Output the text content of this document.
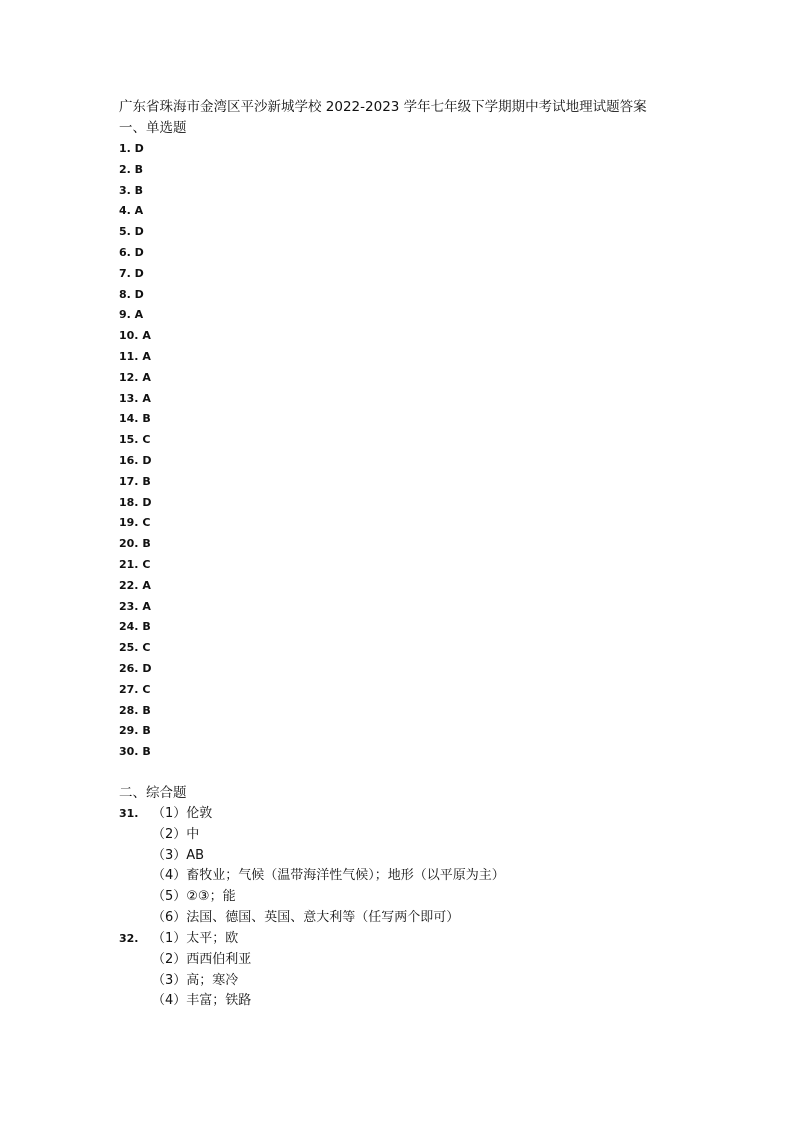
广东省珠海市金湾区平沙新城学校 2022-2023 学年七年级下学期期中考试地理试题答案
一、单选题
1. D
2. B
3. B
4. A
5. D
6. D
7. D
8. D
9. A
10. A
11. A
12. A
13. A
14. B
15. C
16. D
17. B
18. D
19. C
20. B
21. C
22. A
23. A
24. B
25. C
26. D
27. C
28. B
29. B
30. B
二、综合题
31. （1）伦敦
（2）中
（3）AB
（4）畜牧业；气候（温带海洋性气候）；地形（以平原为主）
（5）②③；能
（6）法国、德国、英国、意大利等（任写两个即可）
32. （1）太平；欧
（2）西西伯利亚
（3）高；寒冷
（4）丰富；铁路
